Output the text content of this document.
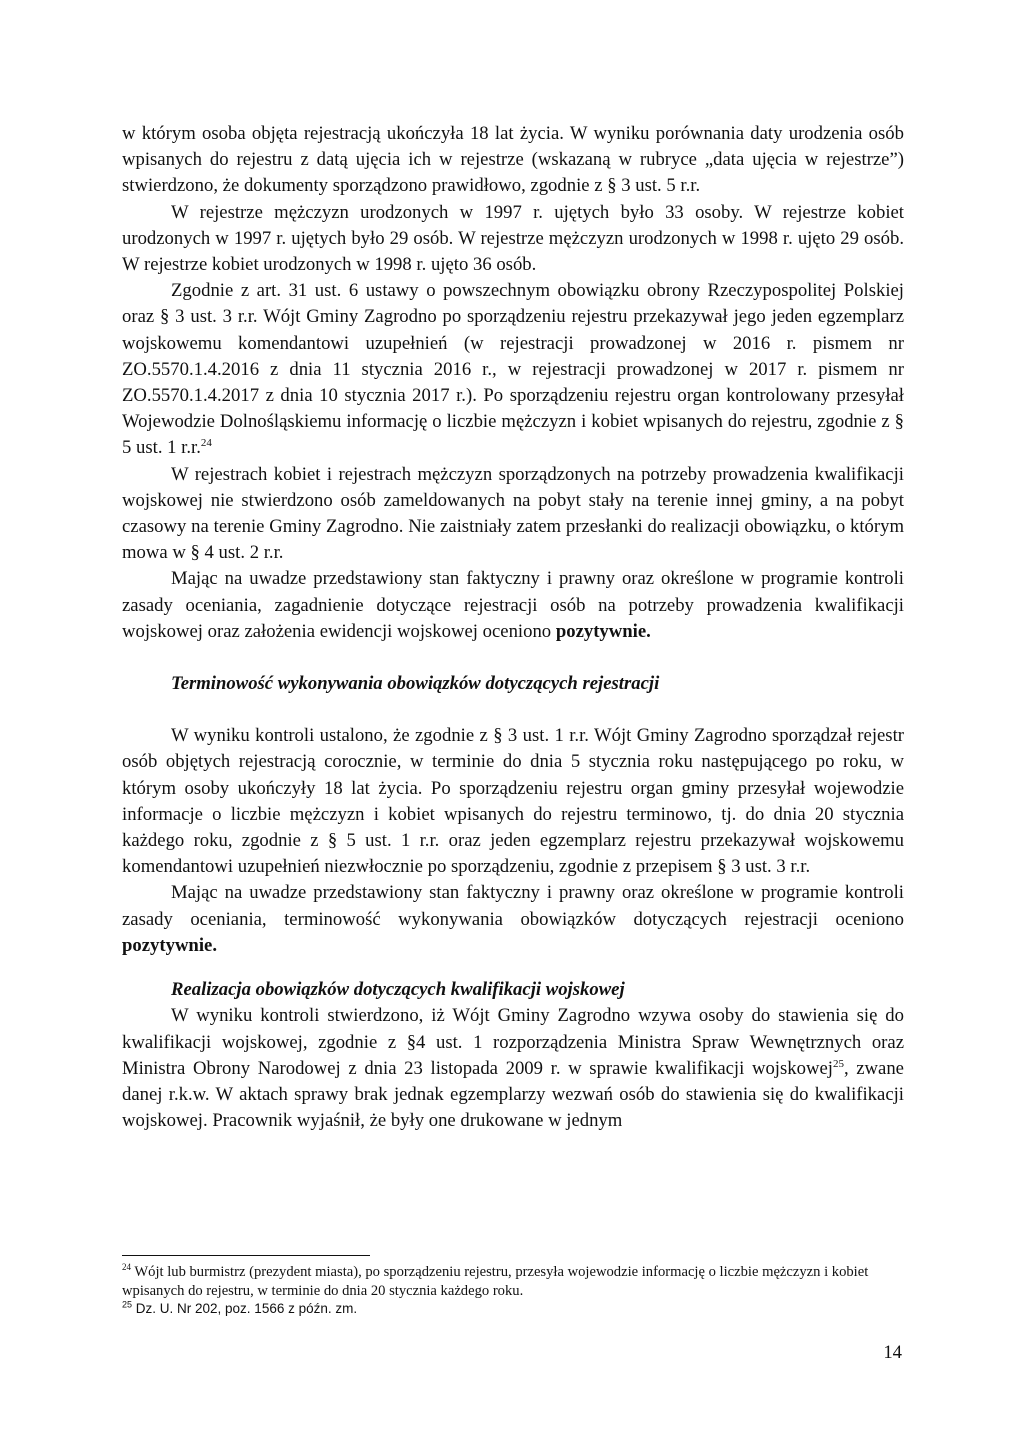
w którym osoba objęta rejestracją ukończyła 18 lat życia. W wyniku porównania daty urodzenia osób wpisanych do rejestru z datą ujęcia ich w rejestrze (wskazaną w rubryce „data ujęcia w rejestrze”) stwierdzono, że dokumenty sporządzono prawidłowo, zgodnie z § 3 ust. 5 r.r.

W rejestrze mężczyzn urodzonych w 1997 r. ujętych było 33 osoby. W rejestrze kobiet urodzonych w 1997 r. ujętych było 29 osób. W rejestrze mężczyzn urodzonych w 1998 r. ujęto 29 osób. W rejestrze kobiet urodzonych w 1998 r. ujęto 36 osób.

Zgodnie z art. 31 ust. 6 ustawy o powszechnym obowiązku obrony Rzeczypospolitej Polskiej oraz § 3 ust. 3 r.r. Wójt Gminy Zagrodno po sporządzeniu rejestru przekazywał jego jeden egzemplarz wojskowemu komendantowi uzupełnień (w rejestracji prowadzonej w 2016 r. pismem nr ZO.5570.1.4.2016 z dnia 11 stycznia 2016 r., w rejestracji prowadzonej w 2017 r. pismem nr ZO.5570.1.4.2017 z dnia 10 stycznia 2017 r.). Po sporządzeniu rejestru organ kontrolowany przesyłał Wojewodzie Dolnośląskiemu informację o liczbie mężczyzn i kobiet wpisanych do rejestru, zgodnie z § 5 ust. 1 r.r.$^{24}$

W rejestrach kobiet i rejestrach mężczyzn sporządzonych na potrzeby prowadzenia kwalifikacji wojskowej nie stwierdzono osób zameldowanych na pobyt stały na terenie innej gminy, a na pobyt czasowy na terenie Gminy Zagrodno. Nie zaistniały zatem przesłanki do realizacji obowiązku, o którym mowa w § 4 ust. 2 r.r.

Mając na uwadze przedstawiony stan faktyczny i prawny oraz określone w programie kontroli zasady oceniania, zagadnienie dotyczące rejestracji osób na potrzeby prowadzenia kwalifikacji wojskowej oraz założenia ewidencji wojskowej oceniono pozytywnie.

Terminowość wykonywania obowiązków dotyczących rejestracji

W wyniku kontroli ustalono, że zgodnie z § 3 ust. 1 r.r. Wójt Gminy Zagrodno sporządzał rejestr osób objętych rejestracją corocznie, w terminie do dnia 5 stycznia roku następującego po roku, w którym osoby ukończyły 18 lat życia. Po sporządzeniu rejestru organ gminy przesyłał wojewodzie informacje o liczbie mężczyzn i kobiet wpisanych do rejestru terminowo, tj. do dnia 20 stycznia każdego roku, zgodnie z § 5 ust. 1 r.r. oraz jeden egzemplarz rejestru przekazywał wojskowemu komendantowi uzupełnień niezwłocznie po sporządzeniu, zgodnie z przepisem § 3 ust. 3 r.r.

Mając na uwadze przedstawiony stan faktyczny i prawny oraz określone w programie kontroli zasady oceniania, terminowość wykonywania obowiązków dotyczących rejestracji oceniono pozytywnie.

Realizacja obowiązków dotyczących kwalifikacji wojskowej

W wyniku kontroli stwierdzono, iż Wójt Gminy Zagrodno wzywa osoby do stawienia się do kwalifikacji wojskowej, zgodnie z §4 ust. 1 rozporządzenia Ministra Spraw Wewnętrznych oraz Ministra Obrony Narodowej z dnia 23 listopada 2009 r. w sprawie kwalifikacji wojskowej$^{25}$, zwane danej r.k.w. W aktach sprawy brak jednak egzemplarzy wezwań osób do stawienia się do kwalifikacji wojskowej. Pracownik wyjaśnił, że były one drukowane w jednym

$^{24}$ Wójt lub burmistrz (prezydent miasta), po sporządzeniu rejestru, przesyła wojewodzie informację o liczbie mężczyzn i kobiet wpisanych do rejestru, w terminie do dnia 20 stycznia każdego roku.

$^{25}$ Dz. U. Nr 202, poz. 1566 z późn. zm.

14
